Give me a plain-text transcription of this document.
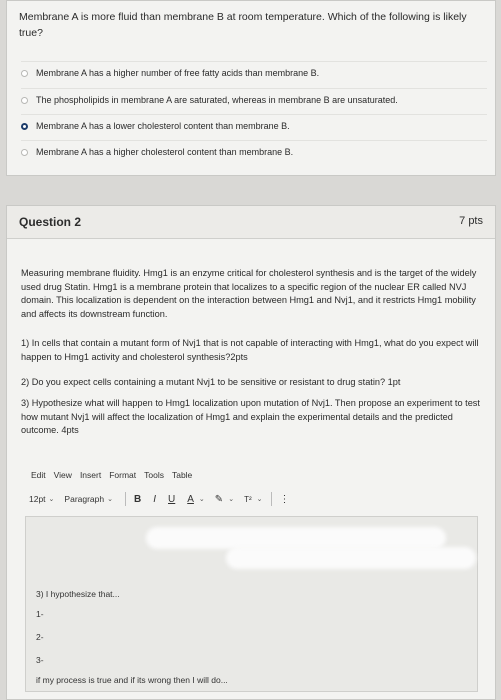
Membrane A is more fluid than membrane B at room temperature. Which of the following is likely true?
Membrane A has a higher number of free fatty acids than membrane B.
The phospholipids in membrane A are saturated, whereas in membrane B are unsaturated.
Membrane A has a lower cholesterol content than membrane B.
Membrane A has a higher cholesterol content than membrane B.
Question 2	7 pts
Measuring membrane fluidity. Hmg1 is an enzyme critical for cholesterol synthesis and is the target of the widely used drug Statin. Hmg1 is a membrane protein that localizes to a specific region of the nuclear ER called NVJ domain. This localization is dependent on the interaction between Hmg1 and Nvj1, and it restricts Hmg1 mobility and affects its downstream function.
1) In cells that contain a mutant form of Nvj1 that is not capable of interacting with Hmg1, what do you expect will happen to Hmg1 activity and cholesterol synthesis?2pts
2) Do you expect cells containing a mutant Nvj1 to be sensitive or resistant to drug statin? 1pt
3) Hypothesize what will happen to Hmg1 localization upon mutation of Nvj1. Then propose an experiment to test how mutant Nvj1 will affect the localization of Hmg1 and explain the experimental details and the predicted outcome. 4pts
Edit View Insert Format Tools Table
12pt ⌄ Paragraph ⌄ B I U A ⌄ ✎ ⌄ T² ⌄ ⋮
3) I hypothesize that...
1-
2-
3-
if my process is true and if its wrong then I will do...
